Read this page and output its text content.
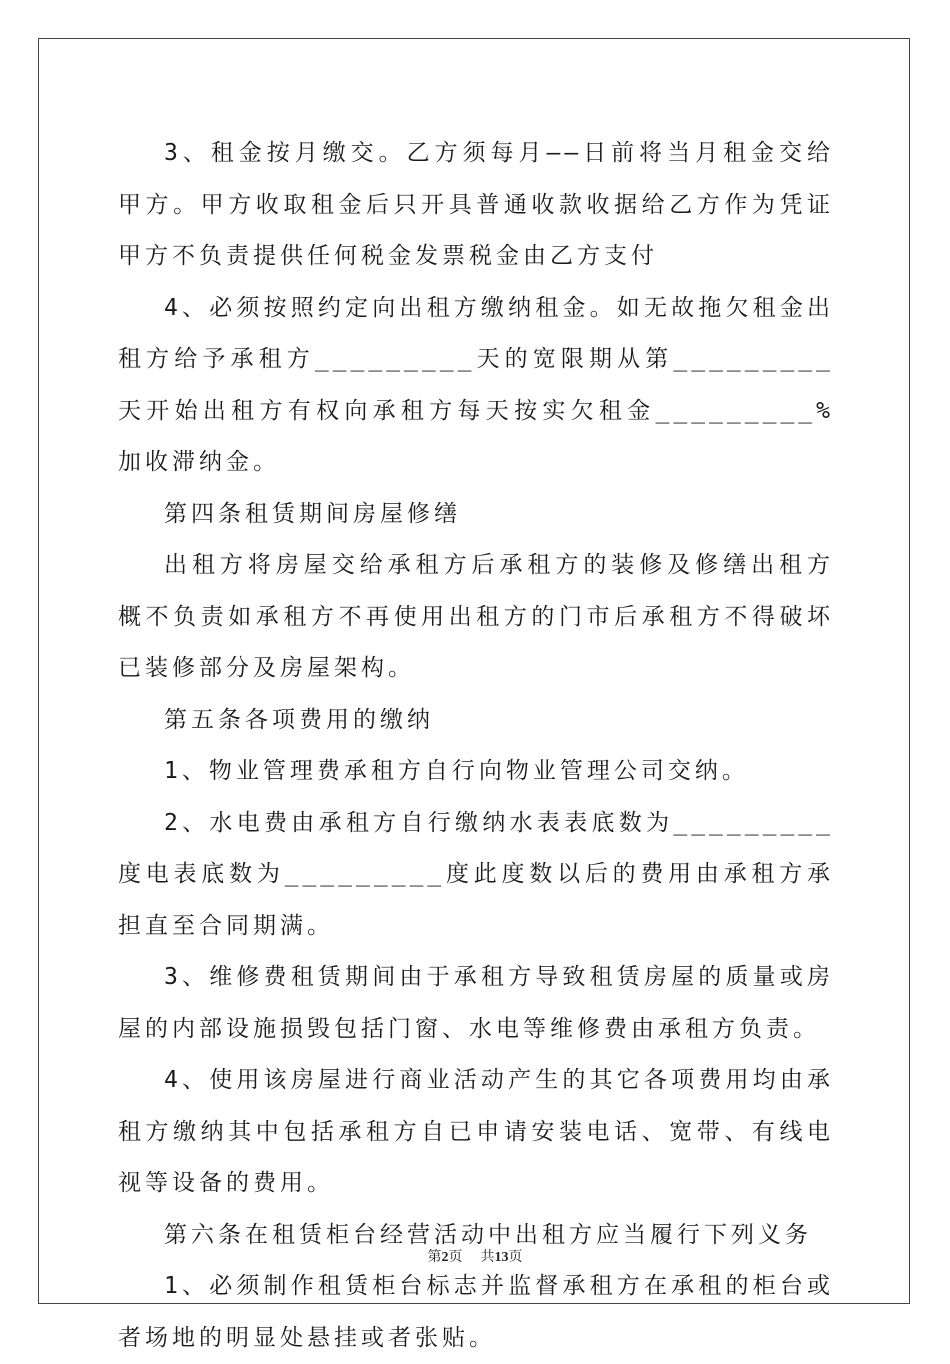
3、租金按月缴交。乙方须每月——日前将当月租金交给甲方。甲方收取租金后只开具普通收款收据给乙方作为凭证甲方不负责提供任何税金发票税金由乙方支付

4、必须按照约定向出租方缴纳租金。如无故拖欠租金出租方给予承租方_________天的宽限期从第_________天开始出租方有权向承租方每天按实欠租金_________%加收滞纳金。

第四条租赁期间房屋修缮

出租方将房屋交给承租方后承租方的装修及修缮出租方概不负责如承租方不再使用出租方的门市后承租方不得破坏已装修部分及房屋架构。

第五条各项费用的缴纳

1、物业管理费承租方自行向物业管理公司交纳。

2、水电费由承租方自行缴纳水表表底数为_________度电表底数为_________度此度数以后的费用由承租方承担直至合同期满。

3、维修费租赁期间由于承租方导致租赁房屋的质量或房屋的内部设施损毁包括门窗、水电等维修费由承租方负责。

4、使用该房屋进行商业活动产生的其它各项费用均由承租方缴纳其中包括承租方自已申请安装电话、宽带、有线电视等设备的费用。

第六条在租赁柜台经营活动中出租方应当履行下列义务

1、必须制作租赁柜台标志并监督承租方在承租的柜台或者场地的明显处悬挂或者张贴。

第2页 共13页
